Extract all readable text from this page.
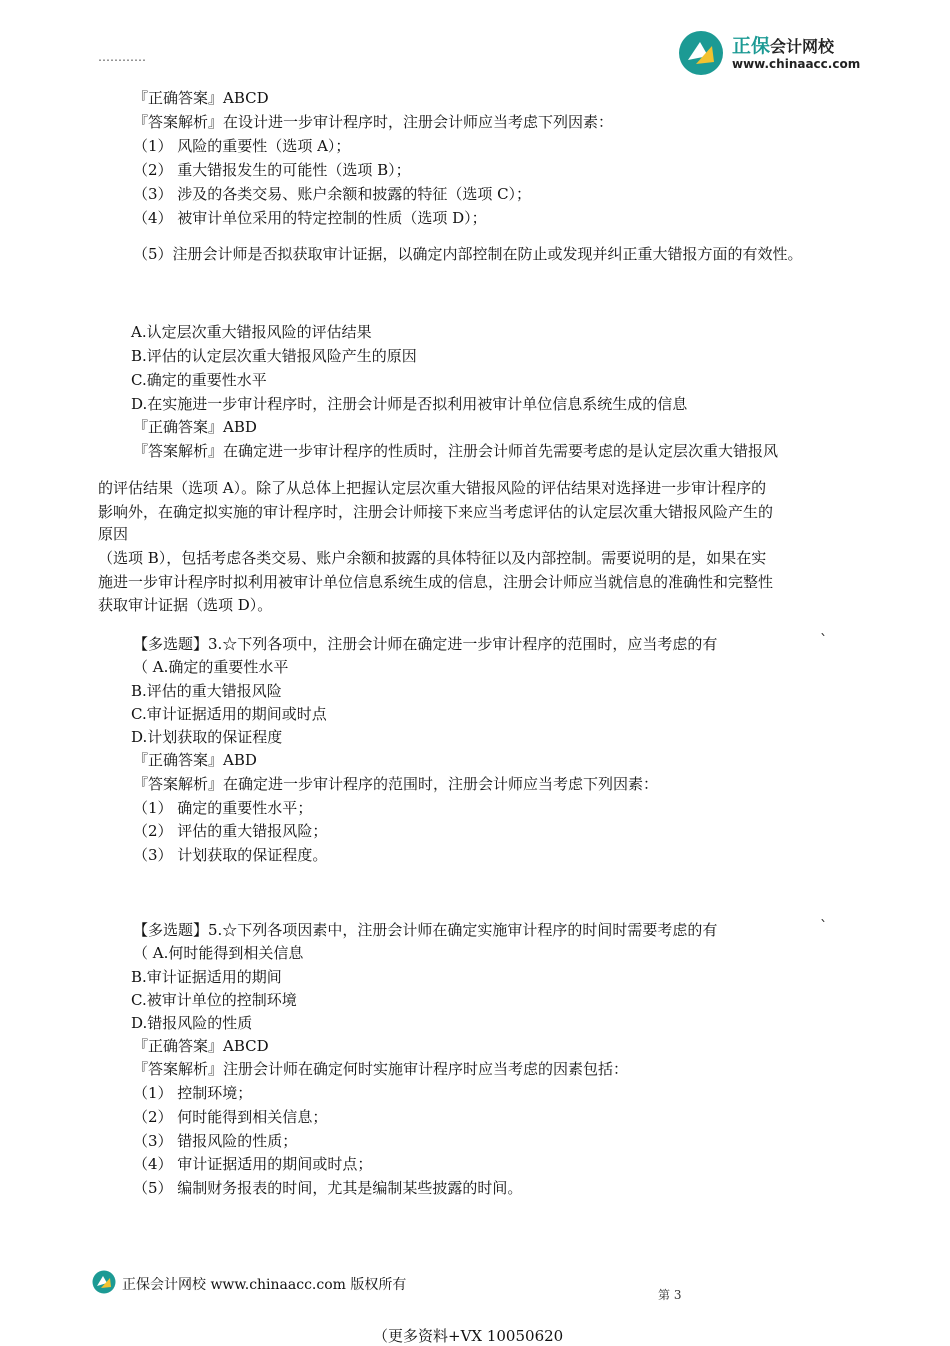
正保会计网校
www.chinaacc.com
…………
『正确答案』ABCD
『答案解析』在设计进一步审计程序时，注册会计师应当考虑下列因素：
（1） 风险的重要性（选项 A）；
（2） 重大错报发生的可能性（选项 B）；
（3） 涉及的各类交易、账户余额和披露的特征（选项 C）；
（4） 被审计单位采用的特定控制的性质（选项 D）；
（5）注册会计师是否拟获取审计证据，以确定内部控制在防止或发现并纠正重大错报方面的有效性。
A.认定层次重大错报风险的评估结果
B.评估的认定层次重大错报风险产生的原因
C.确定的重要性水平
D.在实施进一步审计程序时，注册会计师是否拟利用被审计单位信息系统生成的信息
『正确答案』ABD
『答案解析』在确定进一步审计程序的性质时，注册会计师首先需要考虑的是认定层次重大错报风
的评估结果（选项 A）。除了从总体上把握认定层次重大错报风险的评估结果对选择进一步审计程序的
影响外，在确定拟实施的审计程序时，注册会计师接下来应当考虑评估的认定层次重大错报风险产生的
原因
（选项 B），包括考虑各类交易、账户余额和披露的具体特征以及内部控制。需要说明的是，如果在实
施进一步审计程序时拟利用被审计单位信息系统生成的信息，注册会计师应当就信息的准确性和完整性
获取审计证据（选项 D）。
【多选题】3.☆下列各项中，注册会计师在确定进一步审计程序的范围时，应当考虑的有	`
（ A.确定的重要性水平
B.评估的重大错报风险
C.审计证据适用的期间或时点
D.计划获取的保证程度
『正确答案』ABD
『答案解析』在确定进一步审计程序的范围时，注册会计师应当考虑下列因素：
（1） 确定的重要性水平；
（2） 评估的重大错报风险；
（3） 计划获取的保证程度。
【多选题】5.☆下列各项因素中，注册会计师在确定实施审计程序的时间时需要考虑的有	`
（ A.何时能得到相关信息
B.审计证据适用的期间
C.被审计单位的控制环境
D.错报风险的性质
『正确答案』ABCD
『答案解析』注册会计师在确定何时实施审计程序时应当考虑的因素包括：
（1） 控制环境；
（2） 何时能得到相关信息；
（3） 错报风险的性质；
（4） 审计证据适用的期间或时点；
（5） 编制财务报表的时间，尤其是编制某些披露的时间。
正保会计网校 www.chinaacc.com 版权所有
第 3
（更多资料+VX 10050620
